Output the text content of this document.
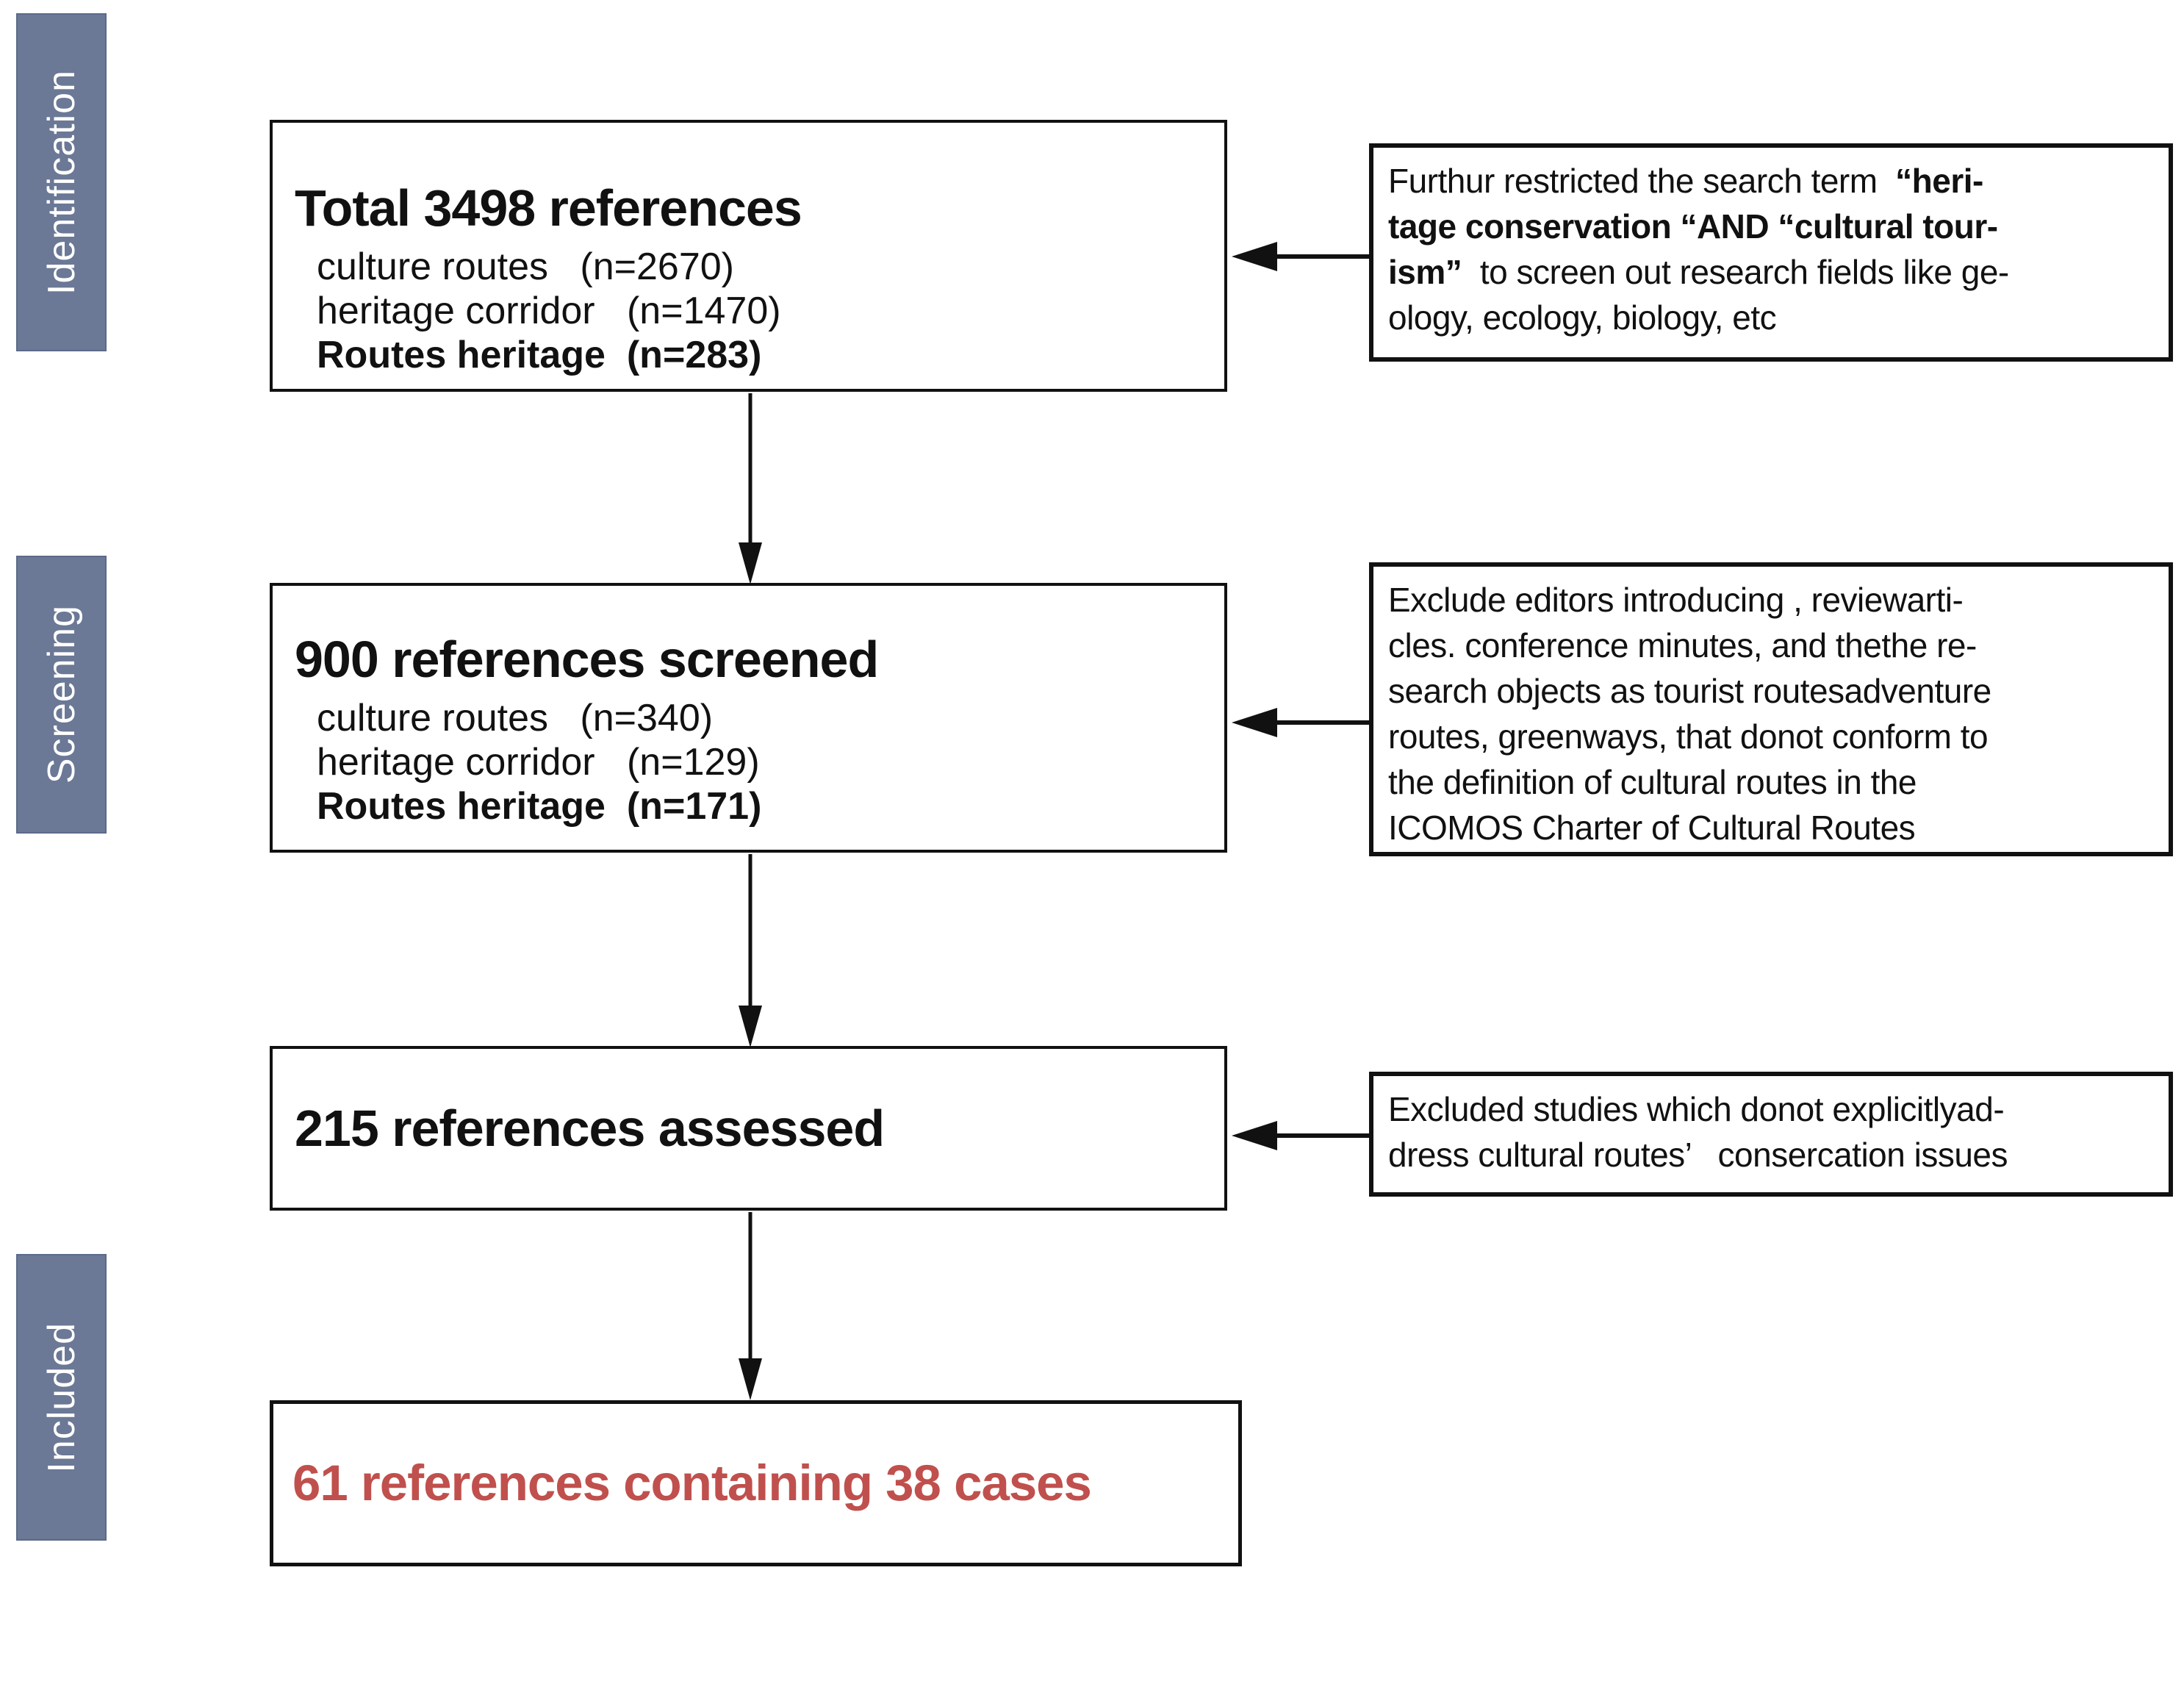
Identification
Screening
Included
Total 3498 references
culture routes   (n=2670)
heritage corridor   (n=1470)
Routes heritage  (n=283)
900 references screened
culture routes   (n=340)
heritage corridor   (n=129)
Routes heritage  (n=171)
215 references assessed
61 references containing 38 cases
Furthur restricted the search term  “heri-
tage conservation “AND “cultural tour-
ism”  to screen out research fields like ge-
ology, ecology, biology, etc
Exclude editors introducing , reviewarti-
cles. conference minutes, and thethe re-
search objects as tourist routesadventure
routes, greenways, that donot conform to
the definition of cultural routes in the
ICOMOS Charter of Cultural Routes
Excluded studies which donot explicitlyad-
dress cultural routes’   consercation issues
